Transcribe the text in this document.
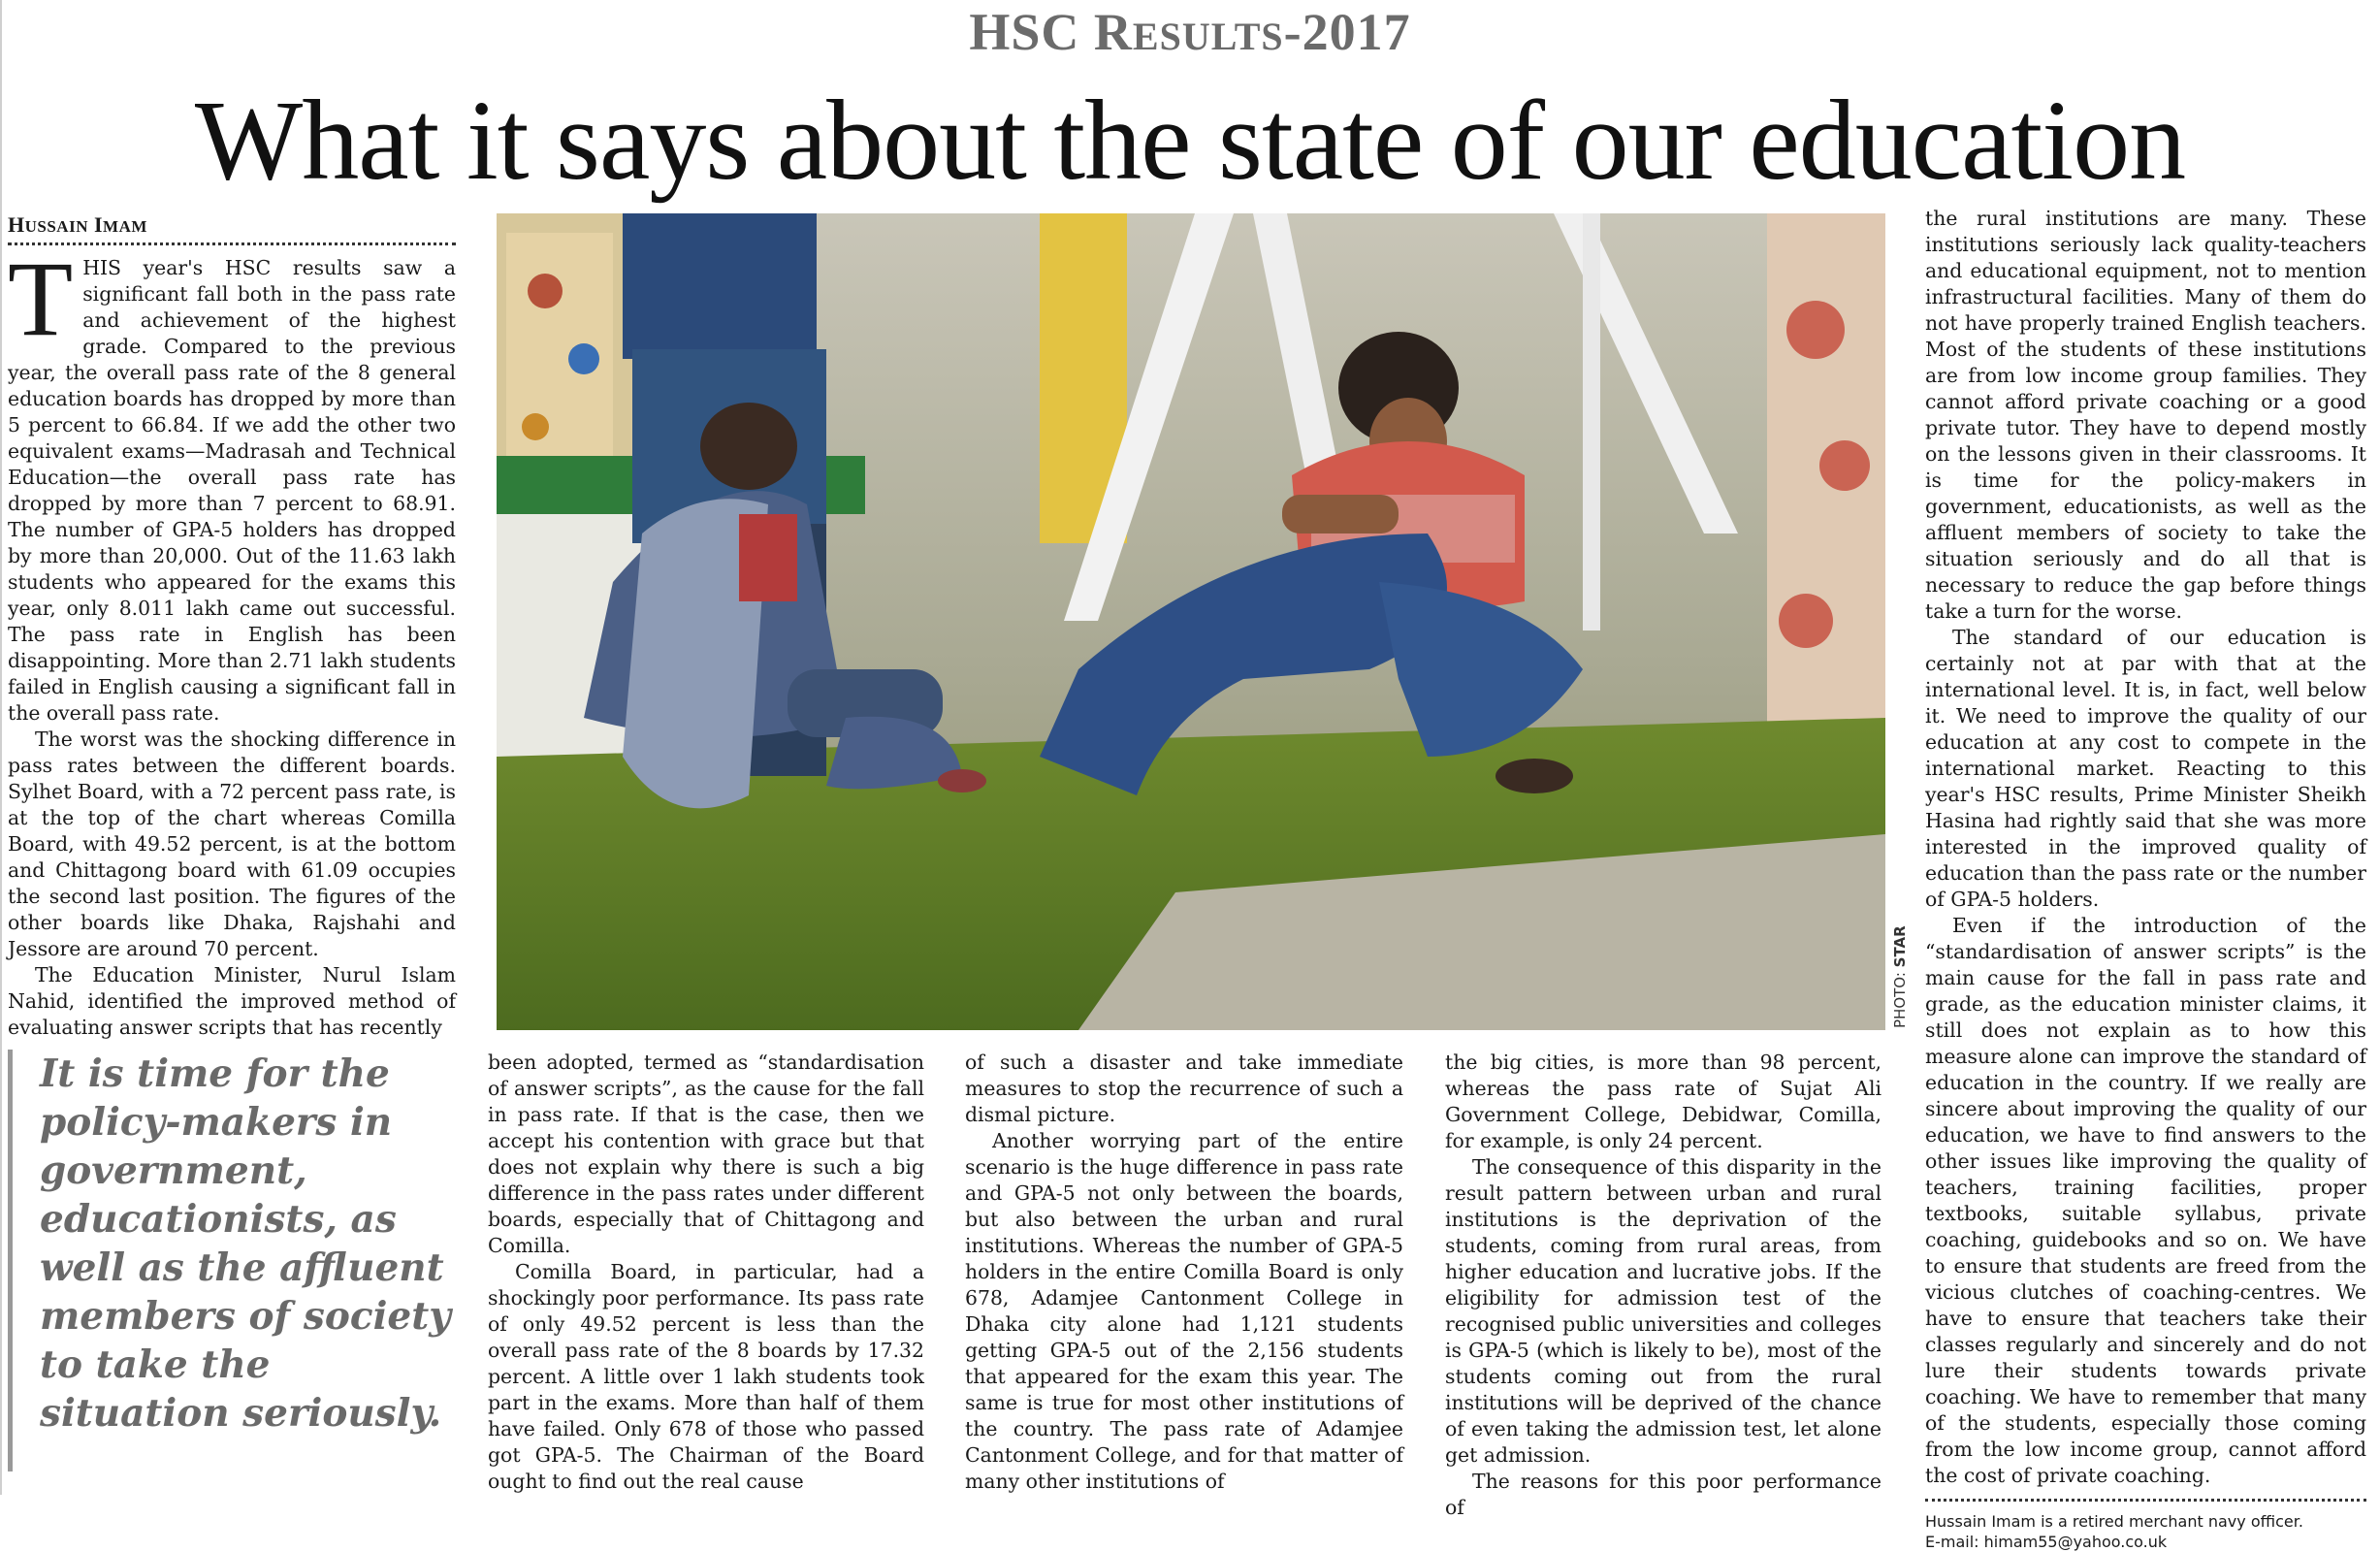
HSC RESULTS-2017
What it says about the state of our education
HUSSAIN IMAM

THIS year's HSC results saw a significant fall both in the pass rate and achievement of the highest grade. Compared to the previous year, the overall pass rate of the 8 general education boards has dropped by more than 5 percent to 66.84. If we add the other two equivalent exams—Madrasah and Technical Education—the overall pass rate has dropped by more than 7 percent to 68.91. The number of GPA-5 holders has dropped by more than 20,000. Out of the 11.63 lakh students who appeared for the exams this year, only 8.011 lakh came out successful. The pass rate in English has been disappointing. More than 2.71 lakh students failed in English causing a significant fall in the overall pass rate.

The worst was the shocking difference in pass rates between the different boards. Sylhet Board, with a 72 percent pass rate, is at the top of the chart whereas Comilla Board, with 49.52 percent, is at the bottom and Chittagong board with 61.09 occupies the second last position. The figures of the other boards like Dhaka, Rajshahi and Jessore are around 70 percent.

The Education Minister, Nurul Islam Nahid, identified the improved method of evaluating answer scripts that has recently	PHOTO: STAR

It is time for the policy-makers in government, educationists, as well as the affluent members of society to take the situation seriously.

been adopted, termed as “standardisation of answer scripts”, as the cause for the fall in pass rate. If that is the case, then we accept his contention with grace but that does not explain why there is such a big difference in the pass rates under different boards, especially that of Chittagong and Comilla.

Comilla Board, in particular, had a shockingly poor performance. Its pass rate of only 49.52 percent is less than the overall pass rate of the 8 boards by 17.32 percent. A little over 1 lakh students took part in the exams. More than half of them have failed. Only 678 of those who passed got GPA-5. The Chairman of the Board ought to find out the real cause

of such a disaster and take immediate measures to stop the recurrence of such a dismal picture.

Another worrying part of the entire scenario is the huge difference in pass rate and GPA-5 not only between the boards, but also between the urban and rural institutions. Whereas the number of GPA-5 holders in the entire Comilla Board is only 678, Adamjee Cantonment College in Dhaka city alone had 1,121 students getting GPA-5 out of the 2,156 students that appeared for the exam this year. The same is true for most other institutions of the country. The pass rate of Adamjee Cantonment College, and for that matter of many other institutions of

the big cities, is more than 98 percent, whereas the pass rate of Sujat Ali Government College, Debidwar, Comilla, for example, is only 24 percent.

The consequence of this disparity in the result pattern between urban and rural institutions is the deprivation of the students, coming from rural areas, from higher education and lucrative jobs. If the eligibility for admission test of the recognised public universities and colleges is GPA-5 (which is likely to be), most of the students coming out from the rural institutions will be deprived of the chance of even taking the admission test, let alone get admission.

The reasons for this poor performance of

the rural institutions are many. These institutions seriously lack quality-teachers and educational equipment, not to mention infrastructural facilities. Many of them do not have properly trained English teachers. Most of the students of these institutions are from low income group families. They cannot afford private coaching or a good private tutor. They have to depend mostly on the lessons given in their classrooms. It is time for the policy-makers in government, educationists, as well as the affluent members of society to take the situation seriously and do all that is necessary to reduce the gap before things take a turn for the worse.

The standard of our education is certainly not at par with that at the international level. It is, in fact, well below it. We need to improve the quality of our education at any cost to compete in the international market. Reacting to this year's HSC results, Prime Minister Sheikh Hasina had rightly said that she was more interested in the improved quality of education than the pass rate or the number of GPA-5 holders.

Even if the introduction of the “standardisation of answer scripts” is the main cause for the fall in pass rate and grade, as the education minister claims, it still does not explain as to how this measure alone can improve the standard of education in the country. If we really are sincere about improving the quality of our education, we have to find answers to the other issues like improving the quality of teachers, training facilities, proper textbooks, suitable syllabus, private coaching, guidebooks and so on. We have to ensure that students are freed from the vicious clutches of coaching-centres. We have to ensure that teachers take their classes regularly and sincerely and do not lure their students towards private coaching. We have to remember that many of the students, especially those coming from the low income group, cannot afford the cost of private coaching.

Hussain Imam is a retired merchant navy officer.
E-mail: himam55@yahoo.co.uk
